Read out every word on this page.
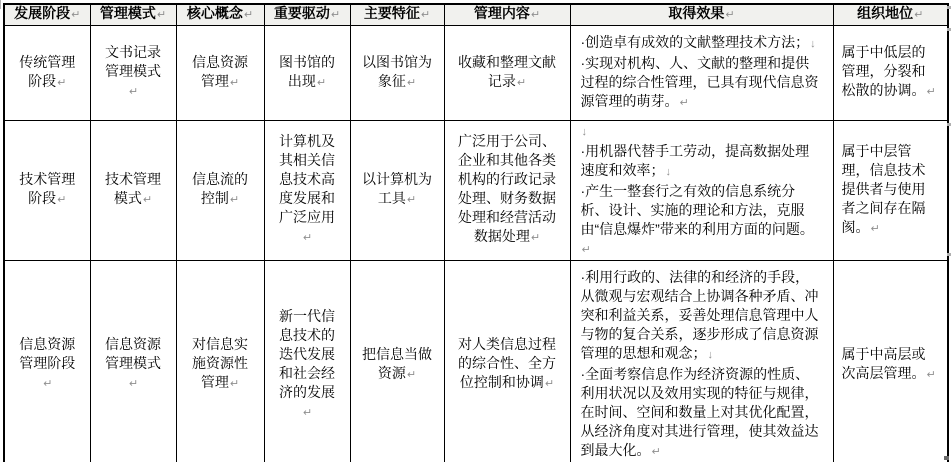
发展阶段↵	管理模式↵	核心概念↵	重要驱动↵	主要特征↵	管理内容↵	取得效果↵	组织地位↵

传统管理阶段↵	文书记录管理模式↵	信息资源管理↵	图书馆的出现↵	以图书馆为象征↵	收藏和整理文献记录↵	·创造卓有成效的文献整理技术方法；↓
·实现对机构、人、文献的整理和提供过程的综合性管理，已具有现代信息资源管理的萌芽。↵	属于中低层的管理，分裂和松散的协调。↵

技术管理阶段↵	技术管理模式↵	信息流的控制↵	计算机及其相关信息技术高度发展和广泛应用↵	以计算机为工具↵	广泛用于公司、企业和其他各类机构的行政记录处理、财务数据处理和经营活动数据处理↵	↓
·用机器代替手工劳动，提高数据处理速度和效率；↓
·产生一整套行之有效的信息系统分析、设计、实施的理论和方法，克服由“信息爆炸”带来的利用方面的问题。↵	属于中层管理，信息技术提供者与使用者之间存在隔阂。↵

信息资源管理阶段↵	信息资源管理模式↵	对信息实施资源性管理↵	新一代信息技术的迭代发展和社会经济的发展↵	把信息当做资源↵	对人类信息过程的综合性、全方位控制和协调↵	·利用行政的、法律的和经济的手段，从微观与宏观结合上协调各种矛盾、冲突和利益关系，妥善处理信息管理中人与物的复合关系，逐步形成了信息资源管理的思想和观念；↓
·全面考察信息作为经济资源的性质、利用状况以及效用实现的特征与规律，在时间、空间和数量上对其优化配置，从经济角度对其进行管理，使其效益达到最大化。↵	属于中高层或次高层管理。↵
